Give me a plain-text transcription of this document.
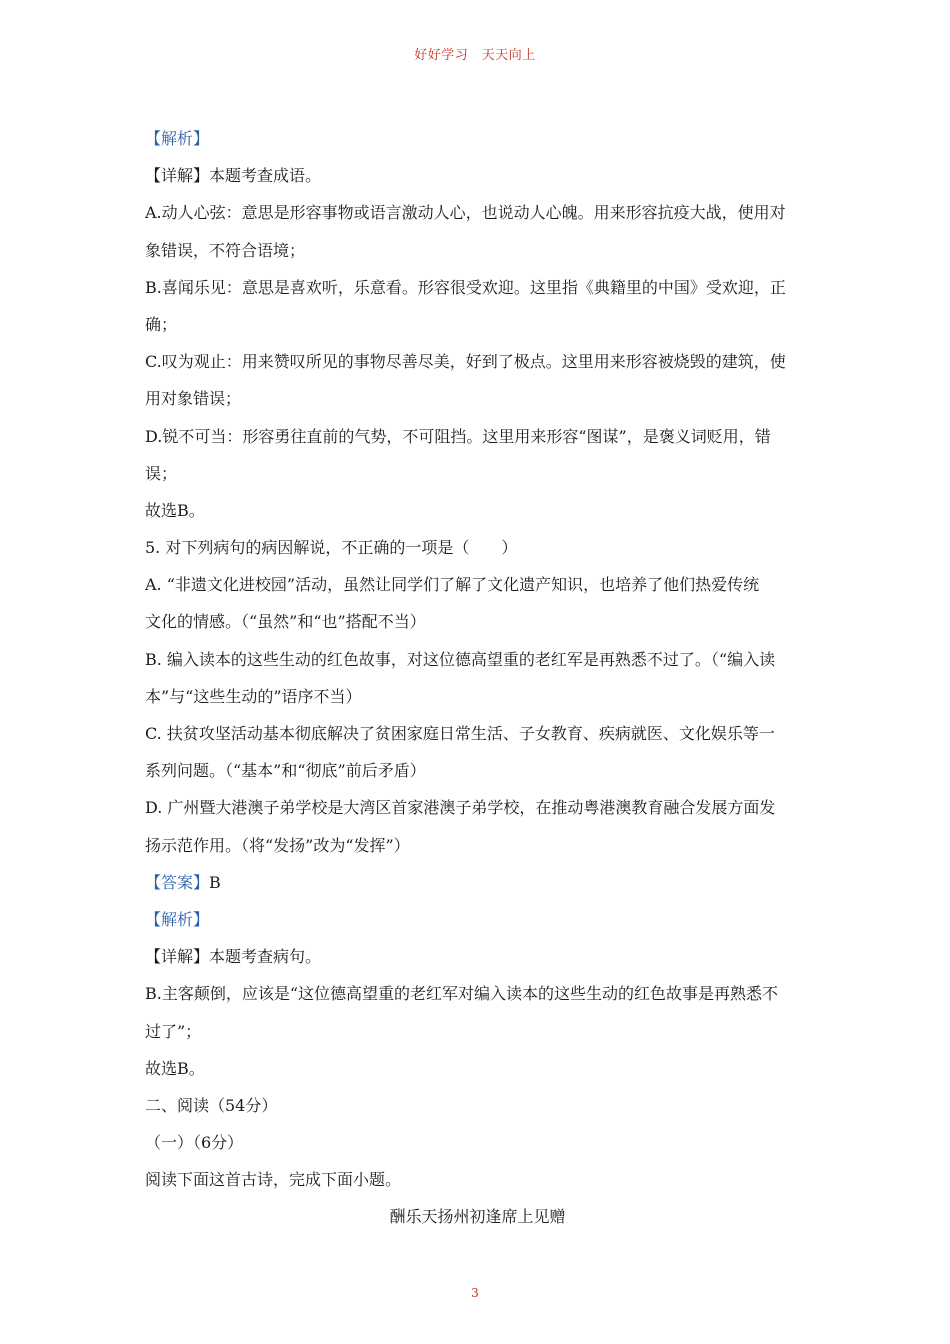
好好学习　天天向上
【解析】
【详解】本题考查成语。
A.动人心弦：意思是形容事物或语言激动人心，也说动人心魄。用来形容抗疫大战，使用对
象错误，不符合语境；
B.喜闻乐见：意思是喜欢听，乐意看。形容很受欢迎。这里指《典籍里的中国》受欢迎，正
确；
C.叹为观止：用来赞叹所见的事物尽善尽美，好到了极点。这里用来形容被烧毁的建筑，使
用对象错误；
D.锐不可当：形容勇往直前的气势，不可阻挡。这里用来形容“图谋”，是褒义词贬用，错
误；
故选B。
5. 对下列病句的病因解说，不正确的一项是（　　）
A. “非遗文化进校园”活动，虽然让同学们了解了文化遗产知识，也培养了他们热爱传统
文化的情感。（“虽然”和“也”搭配不当）
B. 编入读本的这些生动的红色故事，对这位德高望重的老红军是再熟悉不过了。（“编入读
本”与“这些生动的”语序不当）
C. 扶贫攻坚活动基本彻底解决了贫困家庭日常生活、子女教育、疾病就医、文化娱乐等一
系列问题。（“基本”和“彻底”前后矛盾）
D. 广州暨大港澳子弟学校是大湾区首家港澳子弟学校，在推动粤港澳教育融合发展方面发
扬示范作用。（将“发扬”改为“发挥”）
【答案】B
【解析】
【详解】本题考查病句。
B.主客颠倒，应该是“这位德高望重的老红军对编入读本的这些生动的红色故事是再熟悉不
过了”；
故选B。
二、阅读（54分）
（一）（6分）
阅读下面这首古诗，完成下面小题。
酬乐天扬州初逢席上见赠
3
